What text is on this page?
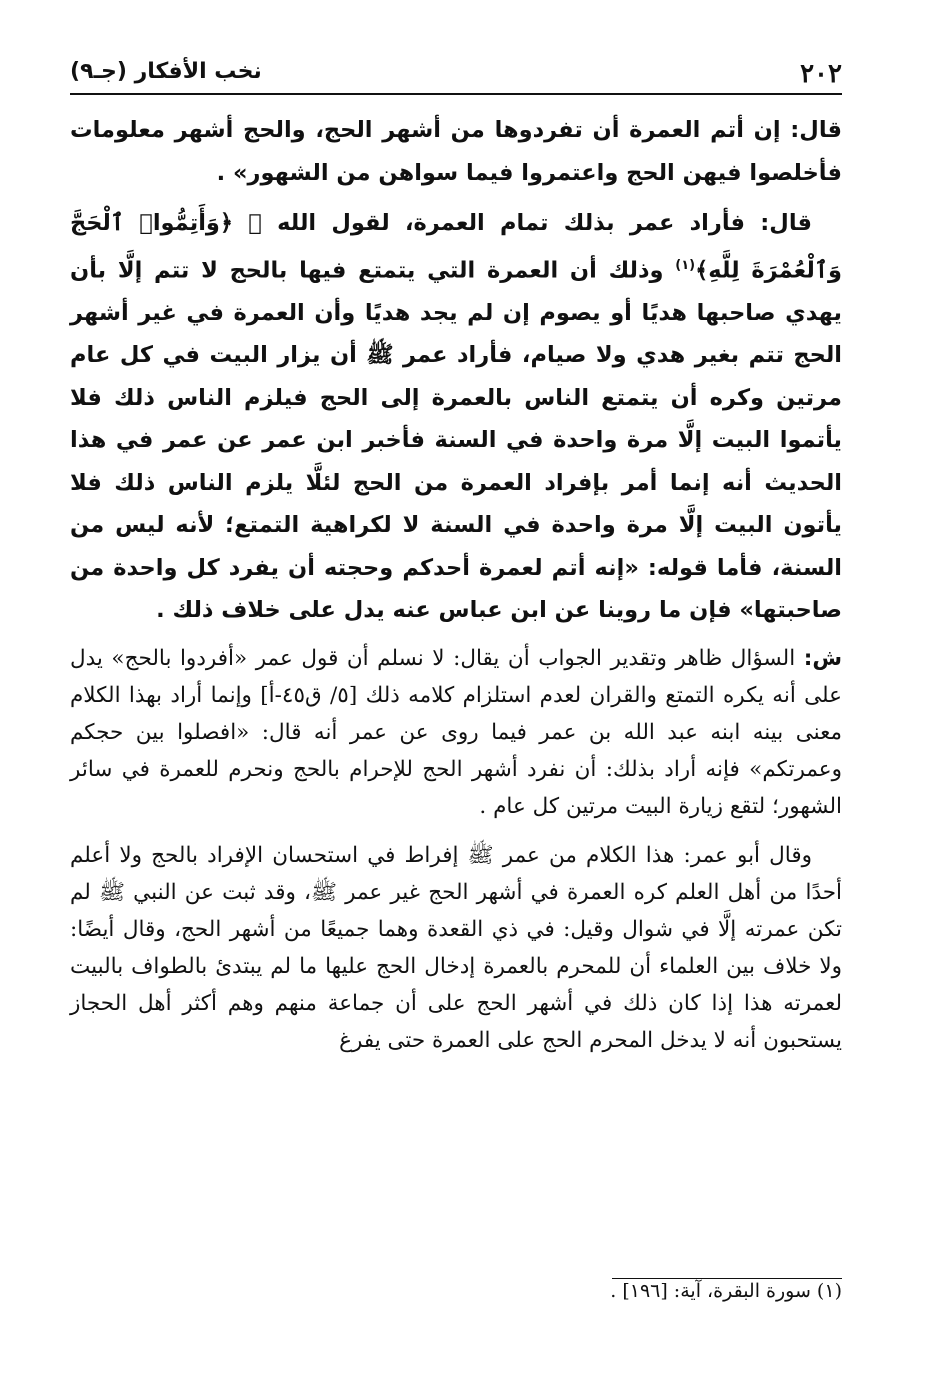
٢٠٢
نخب الأفكار (جـ٩)

قال: إن أتم العمرة أن تفردوها من أشهر الحج، والحج أشهر معلومات فأخلصوا فيهن الحج واعتمروا فيما سواهن من الشهور» .

قال: فأراد عمر بذلك تمام العمرة، لقول الله ﷻ ﴿وَأَتِمُّوا۟ ٱلْحَجَّ وَٱلْعُمْرَةَ لِلَّهِ﴾$^{(١)}$ وذلك أن العمرة التي يتمتع فيها بالحج لا تتم إلَّا بأن يهدي صاحبها هديًا أو يصوم إن لم يجد هديًا وأن العمرة في غير أشهر الحج تتم بغير هدي ولا صيام، فأراد عمر ﷺ أن يزار البيت في كل عام مرتين وكره أن يتمتع الناس بالعمرة إلى الحج فيلزم الناس ذلك فلا يأتموا البيت إلَّا مرة واحدة في السنة فأخبر ابن عمر عن عمر في هذا الحديث أنه إنما أمر بإفراد العمرة من الحج لئلَّا يلزم الناس ذلك فلا يأتون البيت إلَّا مرة واحدة في السنة لا لكراهية التمتع؛ لأنه ليس من السنة، فأما قوله: «إنه أتم لعمرة أحدكم وحجته أن يفرد كل واحدة من صاحبتها» فإن ما روينا عن ابن عباس عنه يدل على خلاف ذلك .

ش: السؤال ظاهر وتقدير الجواب أن يقال: لا نسلم أن قول عمر «أفردوا بالحج» يدل على أنه يكره التمتع والقران لعدم استلزام كلامه ذلك [٥/ ق٤٥-أ] وإنما أراد بهذا الكلام معنى بينه ابنه عبد الله بن عمر فيما روى عن عمر أنه قال: «افصلوا بين حجكم وعمرتكم» فإنه أراد بذلك: أن نفرد أشهر الحج للإحرام بالحج ونحرم للعمرة في سائر الشهور؛ لتقع زيارة البيت مرتين كل عام .

وقال أبو عمر: هذا الكلام من عمر ﷺ إفراط في استحسان الإفراد بالحج ولا أعلم أحدًا من أهل العلم كره العمرة في أشهر الحج غير عمر ﷺ، وقد ثبت عن النبي ﷺ لم تكن عمرته إلَّا في شوال وقيل: في ذي القعدة وهما جميعًا من أشهر الحج، وقال أيضًا: ولا خلاف بين العلماء أن للمحرم بالعمرة إدخال الحج عليها ما لم يبتدئ بالطواف بالبيت لعمرته هذا إذا كان ذلك في أشهر الحج على أن جماعة منهم وهم أكثر أهل الحجاز يستحبون أنه لا يدخل المحرم الحج على العمرة حتى يفرغ

(١) سورة البقرة، آية: [١٩٦] .
